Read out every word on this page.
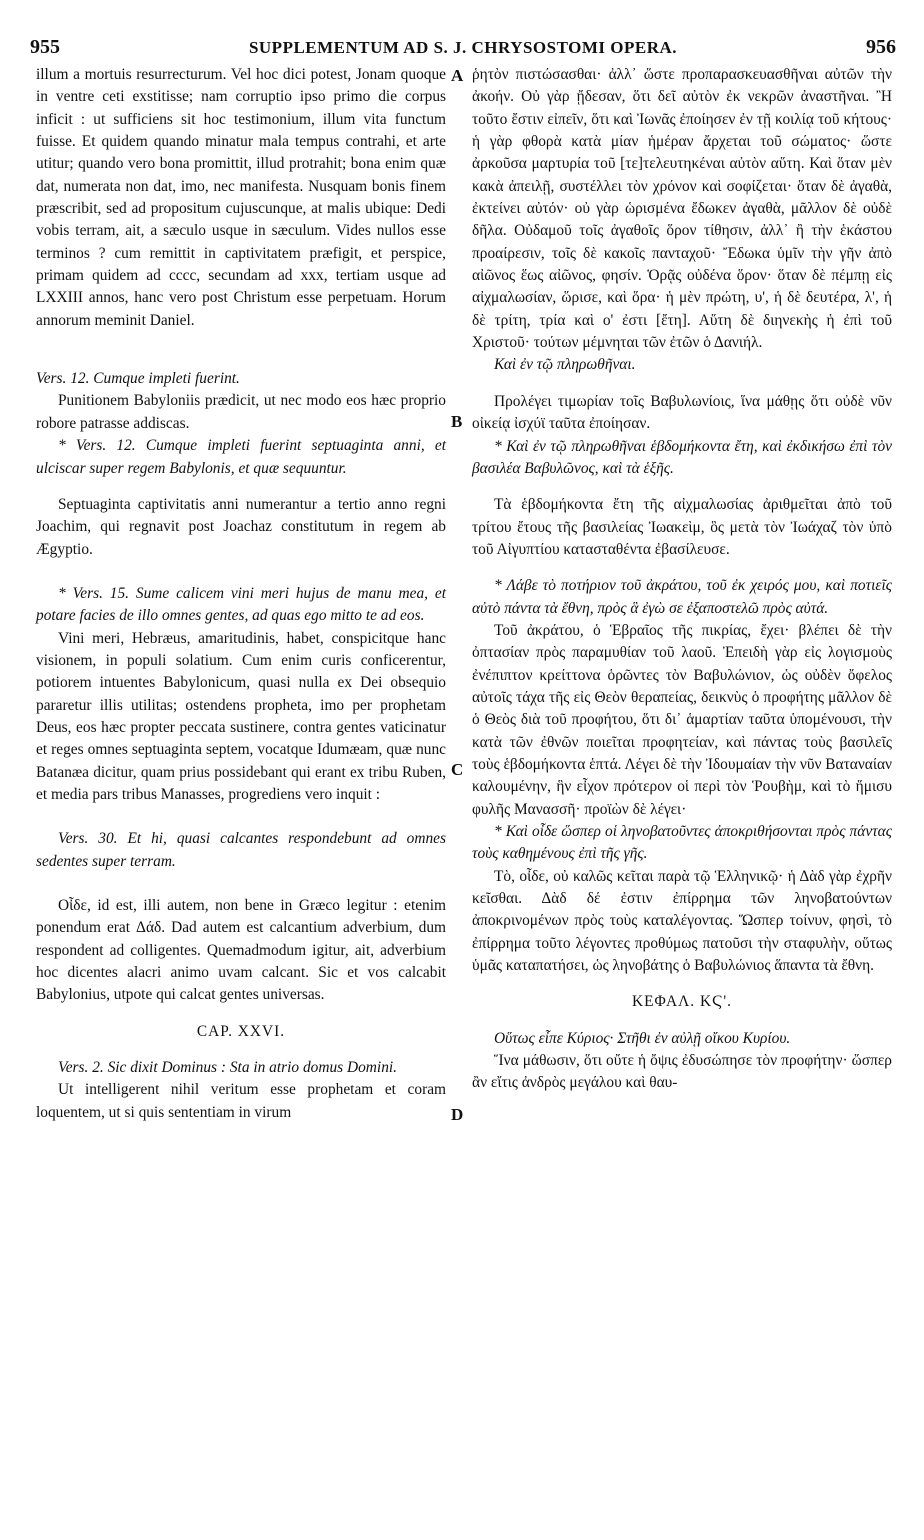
955	SUPPLEMENTUM AD S. J. CHRYSOSTOMI OPERA.	956
A
B
C
D

illum a mortuis resurrecturum. Vel hoc dici potest, Jonam quoque in ventre ceti exstitisse; nam corruptio ipso primo die corpus inficit : ut sufficiens sit hoc testimonium, illum vita functum fuisse. Et quidem quando minatur mala tempus contrahi, et arte utitur; quando vero bona promittit, illud protrahit; bona enim quæ dat, numerata non dat, imo, nec manifesta. Nusquam bonis finem præscribit, sed ad propositum cujuscunque, at malis ubique: Dedi vobis terram, ait, a sæculo usque in sæculum. Vides nullos esse terminos ? cum remittit in captivitatem præfigit, et perspice, primam quidem ad cccc, secundam ad xxx, tertiam usque ad LXXIII annos, hanc vero post Christum esse perpetuam. Horum annorum meminit Daniel.

Vers. 12. Cumque impleti fuerint.

Punitionem Babyloniis prædicit, ut nec modo eos hæc proprio robore patrasse addiscas.

* Vers. 12. Cumque impleti fuerint septuaginta anni, et ulciscar super regem Babylonis, et quæ sequuntur.

Septuaginta captivitatis anni numerantur a tertio anno regni Joachim, qui regnavit post Joachaz constitutum in regem ab Ægyptio.

* Vers. 15. Sume calicem vini meri hujus de manu mea, et potare facies de illo omnes gentes, ad quas ego mitto te ad eos.

Vini meri, Hebræus, amaritudinis, habet, conspicitque hanc visionem, in populi solatium. Cum enim curis conficerentur, potiorem intuentes Babylonicum, quasi nulla ex Dei obsequio pararetur illis utilitas; ostendens propheta, imo per prophetam Deus, eos hæc propter peccata sustinere, contra gentes vaticinatur et reges omnes septuaginta septem, vocatque Idumæam, quæ nunc Batanæa dicitur, quam prius possidebant qui erant ex tribu Ruben, et media pars tribus Manasses, progrediens vero inquit :

Vers. 30. Et hi, quasi calcantes respondebunt ad omnes sedentes super terram.

Οἶδε, id est, illi autem, non bene in Græco legitur : etenim ponendum erat Δάδ. Dad autem est calcantium adverbium, dum respondent ad colligentes. Quemadmodum igitur, ait, adverbium hoc dicentes alacri animo uvam calcant. Sic et vos calcabit Babylonius, utpote qui calcat gentes universas.

CAP. XXVI.

Vers. 2. Sic dixit Dominus : Sta in atrio domus Domini.

Ut intelligerent nihil veritum esse prophetam et coram loquentem, ut si quis sententiam in virum

ῥητὸν πιστώσασθαι· ἀλλ᾽ ὥστε προπαρασκευασθῆναι αὐτῶν τὴν ἀκοήν. Οὐ γὰρ ᾔδεσαν, ὅτι δεῖ αὐτὸν ἐκ νεκρῶν ἀναστῆναι. Ἢ τοῦτο ἔστιν εἰπεῖν, ὅτι καὶ Ἰωνᾶς ἐποίησεν ἐν τῇ κοιλίᾳ τοῦ κήτους· ἡ γὰρ φθορὰ κατὰ μίαν ἡμέραν ἄρχεται τοῦ σώματος· ὥστε ἀρκοῦσα μαρτυρία τοῦ [τε]τελευτηκέναι αὐτὸν αὕτη. Καὶ ὅταν μὲν κακὰ ἀπειλῇ, συστέλλει τὸν χρόνον καὶ σοφίζεται· ὅταν δὲ ἀγαθὰ, ἐκτείνει αὐτόν· οὐ γὰρ ὡρισμένα ἔδωκεν ἀγαθὰ, μᾶλλον δὲ οὐδὲ δῆλα. Οὐδαμοῦ τοῖς ἀγαθοῖς ὅρον τίθησιν, ἀλλ᾽ ἢ τὴν ἑκάστου προαίρεσιν, τοῖς δὲ κακοῖς πανταχοῦ· Ἔδωκα ὑμῖν τὴν γῆν ἀπὸ αἰῶνος ἕως αἰῶνος, φησίν. Ὁρᾷς οὐδένα ὅρον· ὅταν δὲ πέμπῃ εἰς αἰχμαλωσίαν, ὥρισε, καὶ ὅρα· ἡ μὲν πρώτη, υ', ἡ δὲ δευτέρα, λ', ἡ δὲ τρίτη, τρία καὶ ο' ἐστι [ἔτη]. Αὕτη δὲ διηνεκὴς ἡ ἐπὶ τοῦ Χριστοῦ· τούτων μέμνηται τῶν ἐτῶν ὁ Δανιήλ.

Καὶ ἐν τῷ πληρωθῆναι.

Προλέγει τιμωρίαν τοῖς Βαβυλωνίοις, ἵνα μάθῃς ὅτι οὐδὲ νῦν οἰκείᾳ ἰσχύϊ ταῦτα ἐποίησαν.

* Καὶ ἐν τῷ πληρωθῆναι ἑβδομήκοντα ἔτη, καὶ ἐκδικήσω ἐπὶ τὸν βασιλέα Βαβυλῶνος, καὶ τὰ ἑξῆς.

Τὰ ἑβδομήκοντα ἔτη τῆς αἰχμαλωσίας ἀριθμεῖται ἀπὸ τοῦ τρίτου ἔτους τῆς βασιλείας Ἰωακεὶμ, ὃς μετὰ τὸν Ἰωάχαζ τὸν ὑπὸ τοῦ Αἰγυπτίου κατασταθέντα ἐβασίλευσε.

* Λάβε τὸ ποτήριον τοῦ ἀκράτου, τοῦ ἐκ χειρός μου, καὶ ποτιεῖς αὐτὸ πάντα τὰ ἔθνη, πρὸς ἃ ἐγὼ σε ἐξαποστελῶ πρὸς αὐτά.

Τοῦ ἀκράτου, ὁ Ἑβραῖος τῆς πικρίας, ἔχει· βλέπει δὲ τὴν ὀπτασίαν πρὸς παραμυθίαν τοῦ λαοῦ. Ἐπειδὴ γὰρ εἰς λογισμοὺς ἐνέπιπτον κρείττονα ὁρῶντες τὸν Βαβυλώνιον, ὡς οὐδὲν ὄφελος αὐτοῖς τάχα τῆς εἰς Θεὸν θεραπείας, δεικνὺς ὁ προφήτης μᾶλλον δὲ ὁ Θεὸς διὰ τοῦ προφήτου, ὅτι δι᾽ ἁμαρτίαν ταῦτα ὑπομένουσι, τὴν κατὰ τῶν ἐθνῶν ποιεῖται προφητείαν, καὶ πάντας τοὺς βασιλεῖς τοὺς ἑβδομήκοντα ἑπτά. Λέγει δὲ τὴν Ἰδουμαίαν τὴν νῦν Βαταναίαν καλουμένην, ἣν εἶχον πρότερον οἱ περὶ τὸν Ῥουβὴμ, καὶ τὸ ἥμισυ φυλῆς Μανασσῆ· προϊὼν δὲ λέγει·

* Καὶ οἶδε ὥσπερ οἱ ληνοβατοῦντες ἀποκριθήσονται πρὸς πάντας τοὺς καθημένους ἐπὶ τῆς γῆς.

Τὸ, οἶδε, οὐ καλῶς κεῖται παρὰ τῷ Ἑλληνικῷ· ἡ Δὰδ γὰρ ἐχρῆν κεῖσθαι. Δὰδ δέ ἐστιν ἐπίρρημα τῶν ληνοβατούντων ἀποκρινομένων πρὸς τοὺς καταλέγοντας. Ὥσπερ τοίνυν, φησὶ, τὸ ἐπίρρημα τοῦτο λέγοντες προθύμως πατοῦσι τὴν σταφυλὴν, οὕτως ὑμᾶς καταπατήσει, ὡς ληνοβάτης ὁ Βαβυλώνιος ἅπαντα τὰ ἔθνη.

ΚΕΦΑΛ. ΚϚ'.

Οὕτως εἶπε Κύριος· Στῆθι ἐν αὐλῇ οἴκου Κυρίου.

Ἵνα μάθωσιν, ὅτι οὔτε ἡ ὄψις ἐδυσώπησε τὸν προφήτην· ὥσπερ ἂν εἴτις ἀνδρὸς μεγάλου καὶ θαυ-
